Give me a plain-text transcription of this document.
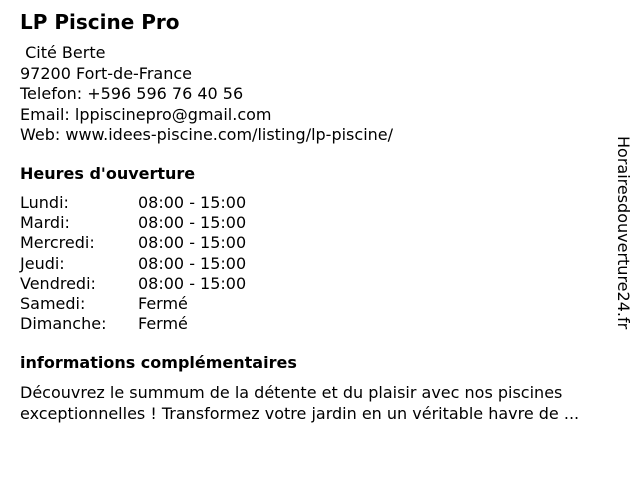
LP Piscine Pro
Cité Berte
97200 Fort-de-France
Telefon: +596 596 76 40 56
Email: lppiscinepro@gmail.com
Web: www.idees-piscine.com/listing/lp-piscine/
Heures d'ouverture
Lundi:	08:00 - 15:00
Mardi:	08:00 - 15:00
Mercredi:	08:00 - 15:00
Jeudi:	08:00 - 15:00
Vendredi:	08:00 - 15:00
Samedi:	Fermé
Dimanche:	Fermé
informations complémentaires
Découvrez le summum de la détente et du plaisir avec nos piscines
exceptionnelles ! Transformez votre jardin en un véritable havre de ...
Horairesdouverture24.fr
